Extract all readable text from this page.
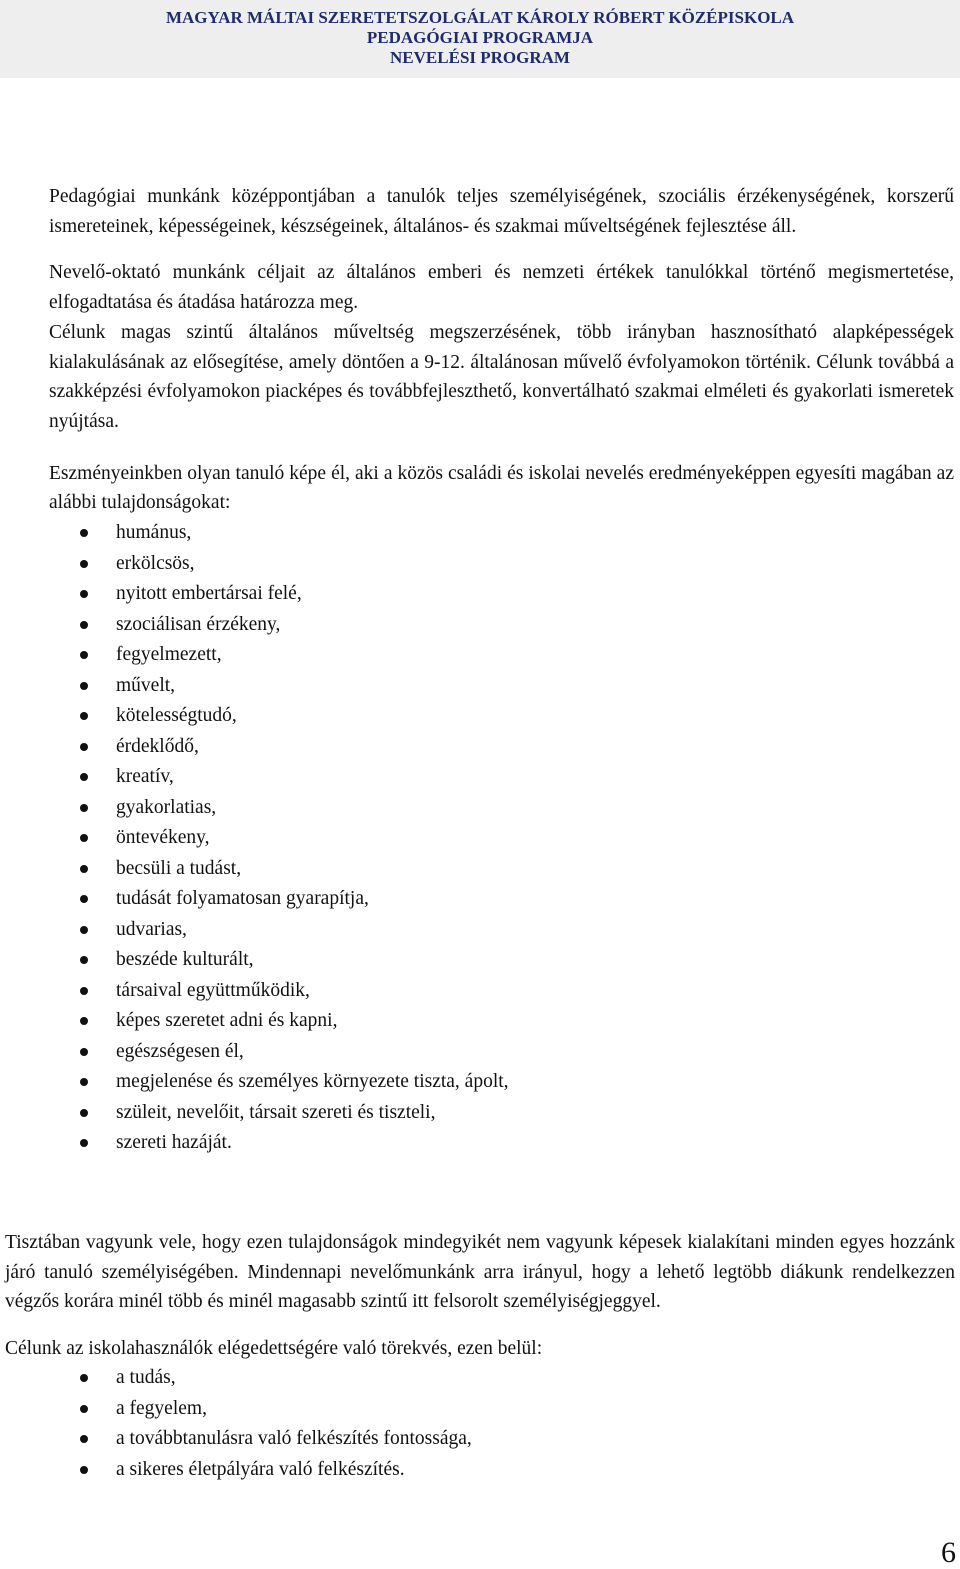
MAGYAR MÁLTAI SZERETETSZOLGÁLAT KÁROLY RÓBERT KÖZÉPISKOLA
PEDAGÓGIAI PROGRAMJA
NEVELÉSI PROGRAM

Pedagógiai munkánk középpontjában a tanulók teljes személyiségének, szociális érzékenységének, korszerű ismereteinek, képességeinek, készségeinek, általános- és szakmai műveltségének fejlesztése áll.

Nevelő-oktató munkánk céljait az általános emberi és nemzeti értékek tanulókkal történő megismertetése, elfogadtatása és átadása határozza meg.

Célunk magas szintű általános műveltség megszerzésének, több irányban hasznosítható alapképességek kialakulásának az elősegítése, amely döntően a 9-12. általánosan művelő évfolyamokon történik. Célunk továbbá a szakképzési évfolyamokon piacképes és továbbfejleszthető, konvertálható szakmai elméleti és gyakorlati ismeretek nyújtása.

Eszményeinkben olyan tanuló képe él, aki a közös családi és iskolai nevelés eredményeképpen egyesíti magában az alábbi tulajdonságokat:

humánus,
erkölcsös,
nyitott embertársai felé,
szociálisan érzékeny,
fegyelmezett,
művelt,
kötelességtudó,
érdeklődő,
kreatív,
gyakorlatias,
öntevékeny,
becsüli a tudást,
tudását folyamatosan gyarapítja,
udvarias,
beszéde kulturált,
társaival együttműködik,
képes szeretet adni és kapni,
egészségesen él,
megjelenése és személyes környezete tiszta, ápolt,
szüleit, nevelőit, társait szereti és tiszteli,
szereti hazáját.

Tisztában vagyunk vele, hogy ezen tulajdonságok mindegyikét nem vagyunk képesek kialakítani minden egyes hozzánk járó tanuló személyiségében. Mindennapi nevelőmunkánk arra irányul, hogy a lehető legtöbb diákunk rendelkezzen végzős korára minél több és minél magasabb szintű itt felsorolt személyiségjeggyel.

Célunk az iskolahasználók elégedettségére való törekvés, ezen belül:

a tudás,
a fegyelem,
a továbbtanulásra való felkészítés fontossága,
a sikeres életpályára való felkészítés.
6
